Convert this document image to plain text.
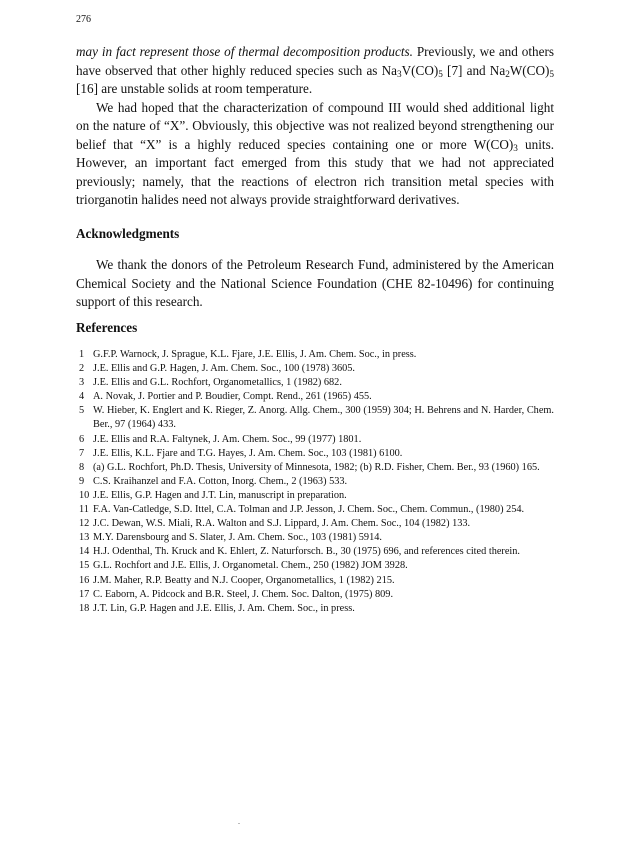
276

may in fact represent those of thermal decomposition products. Previously, we and others have observed that other highly reduced species such as $Na_3V(CO)_5$ [7] and $Na_2W(CO)_5$ [16] are unstable solids at room temperature.

We had hoped that the characterization of compound III would shed additional light on the nature of “X”. Obviously, this objective was not realized beyond strengthening our belief that “X” is a highly reduced species containing one or more $W(CO)_3$ units. However, an important fact emerged from this study that we had not appreciated previously; namely, that the reactions of electron rich transition metal species with triorganotin halides need not always provide straightforward derivatives.

Acknowledgments

We thank the donors of the Petroleum Research Fund, administered by the American Chemical Society and the National Science Foundation (CHE 82-10496) for continuing support of this research.

References
1 G.F.P. Warnock, J. Sprague, K.L. Fjare, J.E. Ellis, J. Am. Chem. Soc., in press.
2 J.E. Ellis and G.P. Hagen, J. Am. Chem. Soc., 100 (1978) 3605.
3 J.E. Ellis and G.L. Rochfort, Organometallics, 1 (1982) 682.
4 A. Novak, J. Portier and P. Boudier, Compt. Rend., 261 (1965) 455.
5 W. Hieber, K. Englert and K. Rieger, Z. Anorg. Allg. Chem., 300 (1959) 304; H. Behrens and N. Harder, Chem. Ber., 97 (1964) 433.
6 J.E. Ellis and R.A. Faltynek, J. Am. Chem. Soc., 99 (1977) 1801.
7 J.E. Ellis, K.L. Fjare and T.G. Hayes, J. Am. Chem. Soc., 103 (1981) 6100.
8 (a) G.L. Rochfort, Ph.D. Thesis, University of Minnesota, 1982; (b) R.D. Fisher, Chem. Ber., 93 (1960) 165.
9 C.S. Kraihanzel and F.A. Cotton, Inorg. Chem., 2 (1963) 533.
10 J.E. Ellis, G.P. Hagen and J.T. Lin, manuscript in preparation.
11 F.A. Van-Catledge, S.D. Ittel, C.A. Tolman and J.P. Jesson, J. Chem. Soc., Chem. Commun., (1980) 254.
12 J.C. Dewan, W.S. Miali, R.A. Walton and S.J. Lippard, J. Am. Chem. Soc., 104 (1982) 133.
13 M.Y. Darensbourg and S. Slater, J. Am. Chem. Soc., 103 (1981) 5914.
14 H.J. Odenthal, Th. Kruck and K. Ehlert, Z. Naturforsch. B., 30 (1975) 696, and references cited therein.
15 G.L. Rochfort and J.E. Ellis, J. Organometal. Chem., 250 (1982) JOM 3928.
16 J.M. Maher, R.P. Beatty and N.J. Cooper, Organometallics, 1 (1982) 215.
17 C. Eaborn, A. Pidcock and B.R. Steel, J. Chem. Soc. Dalton, (1975) 809.
18 J.T. Lin, G.P. Hagen and J.E. Ellis, J. Am. Chem. Soc., in press.
